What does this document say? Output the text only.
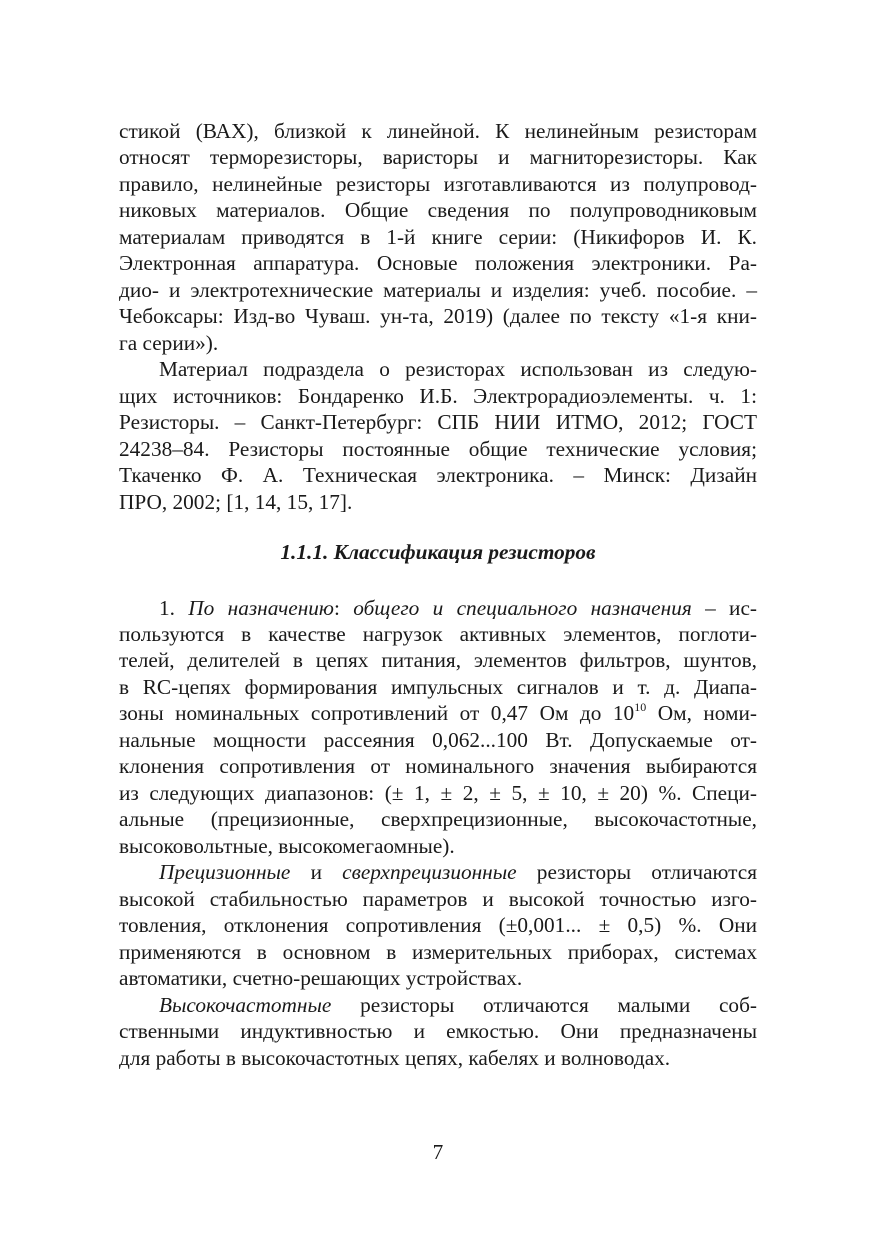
стикой (ВАХ), близкой к линейной. К нелинейным резисторам
относят терморезисторы, варисторы и магниторезисторы. Как
правило, нелинейные резисторы изготавливаются из полупровод-
никовых материалов. Общие сведения по полупроводниковым
материалам приводятся в 1-й книге серии: (Никифоров И. К.
Электронная аппаратура. Основые положения электроники. Ра-
дио- и электротехнические материалы и изделия: учеб. пособие. –
Чебоксары: Изд-во Чуваш. ун-та, 2019) (далее по тексту «1-я кни-
га серии»).
Материал подраздела о резисторах использован из следую-
щих источников: Бондаренко И.Б. Электрорадиоэлементы. ч. 1:
Резисторы. – Санкт-Петербург: СПБ НИИ ИТМО, 2012; ГОСТ
24238–84. Резисторы постоянные общие технические условия;
Ткаченко Ф. А. Техническая электроника. – Минск: Дизайн
ПРО, 2002; [1, 14, 15, 17].
1. По назначению: общего и специального назначения – ис-
пользуются в качестве нагрузок активных элементов, поглоти-
телей, делителей в цепях питания, элементов фильтров, шунтов,
в RC-цепях формирования импульсных сигналов и т. д. Диапа-
зоны номинальных сопротивлений от 0,47 Ом до $10^{10}$ Ом, номи-
нальные мощности рассеяния 0,062...100 Вт. Допускаемые от-
клонения сопротивления от номинального значения выбираются
из следующих диапазонов: (± 1, ± 2, ± 5, ± 10, ± 20) %. Специ-
альные (прецизионные, сверхпрецизионные, высокочастотные,
высоковольтные, высокомегаомные).
Прецизионные и сверхпрецизионные резисторы отличаются
высокой стабильностью параметров и высокой точностью изго-
товления, отклонения сопротивления (±0,001... ± 0,5) %. Они
применяются в основном в измерительных приборах, системах
автоматики, счетно-решающих устройствах.
Высокочастотные резисторы отличаются малыми соб-
ственными индуктивностью и емкостью. Они предназначены
для работы в высокочастотных цепях, кабелях и волноводах.
1.1.1. Классификация резисторов
7
